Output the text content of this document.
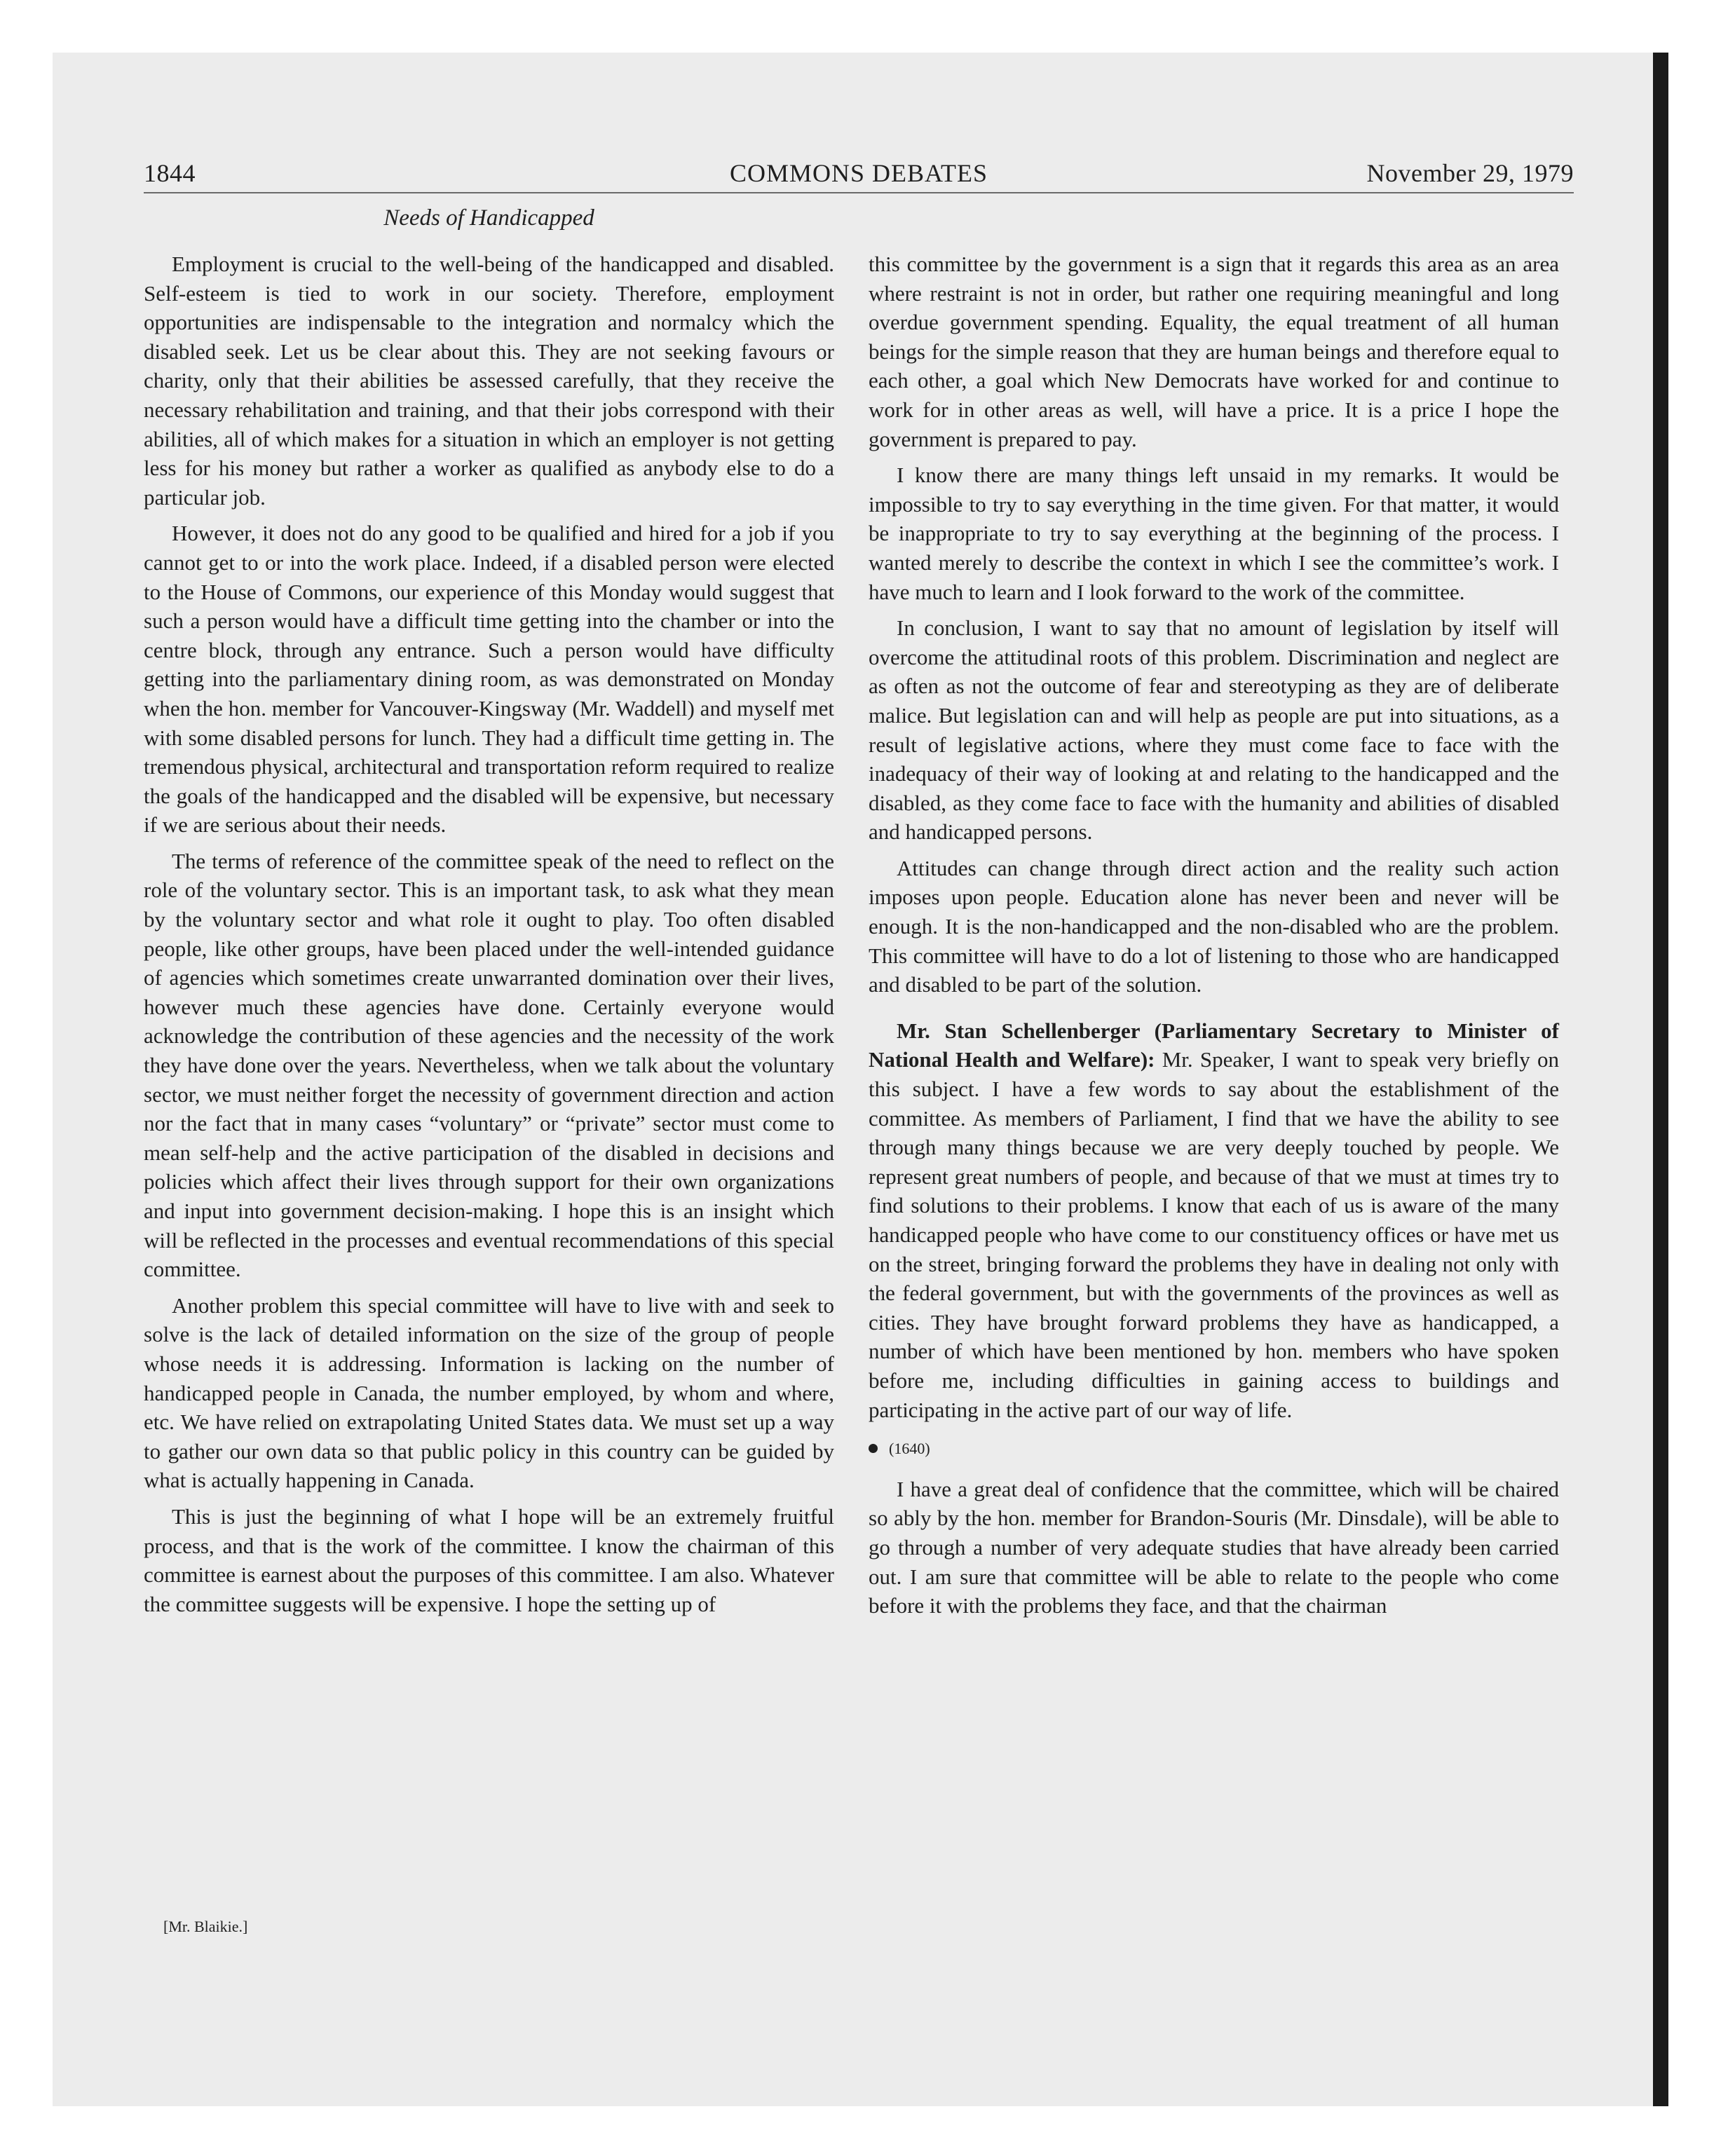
1844	COMMONS DEBATES	November 29, 1979
Needs of Handicapped

Employment is crucial to the well-being of the handicapped and disabled. Self-esteem is tied to work in our society. Therefore, employment opportunities are indispensable to the integration and normalcy which the disabled seek. Let us be clear about this. They are not seeking favours or charity, only that their abilities be assessed carefully, that they receive the necessary rehabilitation and training, and that their jobs correspond with their abilities, all of which makes for a situation in which an employer is not getting less for his money but rather a worker as qualified as anybody else to do a particular job.

However, it does not do any good to be qualified and hired for a job if you cannot get to or into the work place. Indeed, if a disabled person were elected to the House of Commons, our experience of this Monday would suggest that such a person would have a difficult time getting into the chamber or into the centre block, through any entrance. Such a person would have difficulty getting into the parliamentary dining room, as was demonstrated on Monday when the hon. member for Vancouver-Kingsway (Mr. Waddell) and myself met with some disabled persons for lunch. They had a difficult time getting in. The tremendous physical, architectural and transportation reform required to realize the goals of the handicapped and the disabled will be expensive, but necessary if we are serious about their needs.

The terms of reference of the committee speak of the need to reflect on the role of the voluntary sector. This is an important task, to ask what they mean by the voluntary sector and what role it ought to play. Too often disabled people, like other groups, have been placed under the well-intended guidance of agencies which sometimes create unwarranted domination over their lives, however much these agencies have done. Certainly everyone would acknowledge the contribution of these agencies and the necessity of the work they have done over the years. Nevertheless, when we talk about the voluntary sector, we must neither forget the necessity of government direction and action nor the fact that in many cases “voluntary” or “private” sector must come to mean self-help and the active participation of the disabled in decisions and policies which affect their lives through support for their own organizations and input into government decision-making. I hope this is an insight which will be reflected in the processes and eventual recommendations of this special committee.

Another problem this special committee will have to live with and seek to solve is the lack of detailed information on the size of the group of people whose needs it is addressing. Information is lacking on the number of handicapped people in Canada, the number employed, by whom and where, etc. We have relied on extrapolating United States data. We must set up a way to gather our own data so that public policy in this country can be guided by what is actually happening in Canada.

This is just the beginning of what I hope will be an extremely fruitful process, and that is the work of the committee. I know the chairman of this committee is earnest about the purposes of this committee. I am also. Whatever the committee suggests will be expensive. I hope the setting up of

this committee by the government is a sign that it regards this area as an area where restraint is not in order, but rather one requiring meaningful and long overdue government spending. Equality, the equal treatment of all human beings for the simple reason that they are human beings and therefore equal to each other, a goal which New Democrats have worked for and continue to work for in other areas as well, will have a price. It is a price I hope the government is prepared to pay.

I know there are many things left unsaid in my remarks. It would be impossible to try to say everything in the time given. For that matter, it would be inappropriate to try to say everything at the beginning of the process. I wanted merely to describe the context in which I see the committee’s work. I have much to learn and I look forward to the work of the committee.

In conclusion, I want to say that no amount of legislation by itself will overcome the attitudinal roots of this problem. Discrimination and neglect are as often as not the outcome of fear and stereotyping as they are of deliberate malice. But legislation can and will help as people are put into situations, as a result of legislative actions, where they must come face to face with the inadequacy of their way of looking at and relating to the handicapped and the disabled, as they come face to face with the humanity and abilities of disabled and handicapped persons.

Attitudes can change through direct action and the reality such action imposes upon people. Education alone has never been and never will be enough. It is the non-handicapped and the non-disabled who are the problem. This committee will have to do a lot of listening to those who are handicapped and disabled to be part of the solution.

Mr. Stan Schellenberger (Parliamentary Secretary to Minister of National Health and Welfare): Mr. Speaker, I want to speak very briefly on this subject. I have a few words to say about the establishment of the committee. As members of Parliament, I find that we have the ability to see through many things because we are very deeply touched by people. We represent great numbers of people, and because of that we must at times try to find solutions to their problems. I know that each of us is aware of the many handicapped people who have come to our constituency offices or have met us on the street, bringing forward the problems they have in dealing not only with the federal government, but with the governments of the provinces as well as cities. They have brought forward problems they have as handicapped, a number of which have been mentioned by hon. members who have spoken before me, including difficulties in gaining access to buildings and participating in the active part of our way of life.

(1640)

I have a great deal of confidence that the committee, which will be chaired so ably by the hon. member for Brandon-Souris (Mr. Dinsdale), will be able to go through a number of very adequate studies that have already been carried out. I am sure that committee will be able to relate to the people who come before it with the problems they face, and that the chairman

[Mr. Blaikie.]
